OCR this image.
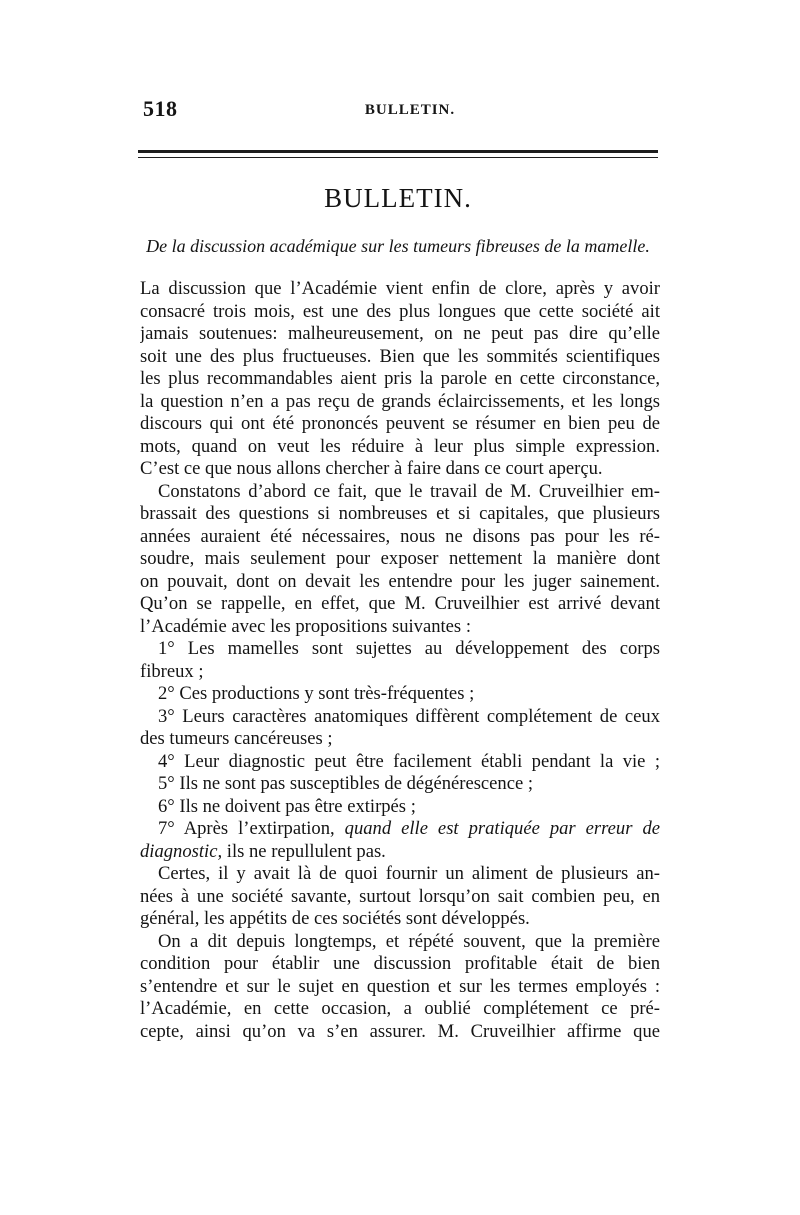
518	BULLETIN.
BULLETIN.
De la discussion académique sur les tumeurs fibreuses de la mamelle.
La discussion que l’Académie vient enfin de clore, après y avoir
consacré trois mois, est une des plus longues que cette société ait
jamais soutenues: malheureusement, on ne peut pas dire qu’elle
soit une des plus fructueuses. Bien que les sommités scientifiques
les plus recommandables aient pris la parole en cette circonstance,
la question n’en a pas reçu de grands éclaircissements, et les longs
discours qui ont été prononcés peuvent se résumer en bien peu de
mots, quand on veut les réduire à leur plus simple expression.
C’est ce que nous allons chercher à faire dans ce court aperçu.
Constatons d’abord ce fait, que le travail de M. Cruveilhier em-
brassait des questions si nombreuses et si capitales, que plusieurs
années auraient été nécessaires, nous ne disons pas pour les ré-
soudre, mais seulement pour exposer nettement la manière dont
on pouvait, dont on devait les entendre pour les juger sainement.
Qu’on se rappelle, en effet, que M. Cruveilhier est arrivé devant
l’Académie avec les propositions suivantes :
1° Les mamelles sont sujettes au développement des corps
fibreux ;
2° Ces productions y sont très-fréquentes ;
3° Leurs caractères anatomiques diffèrent complétement de ceux
des tumeurs cancéreuses ;
4° Leur diagnostic peut être facilement établi pendant la vie ;
5° Ils ne sont pas susceptibles de dégénérescence ;
6° Ils ne doivent pas être extirpés ;
7° Après l’extirpation, quand elle est pratiquée par erreur de
diagnostic, ils ne repullulent pas.
Certes, il y avait là de quoi fournir un aliment de plusieurs an-
nées à une société savante, surtout lorsqu’on sait combien peu, en
général, les appétits de ces sociétés sont développés.
On a dit depuis longtemps, et répété souvent, que la première
condition pour établir une discussion profitable était de bien
s’entendre et sur le sujet en question et sur les termes employés :
l’Académie, en cette occasion, a oublié complétement ce pré-
cepte, ainsi qu’on va s’en assurer. M. Cruveilhier affirme que
